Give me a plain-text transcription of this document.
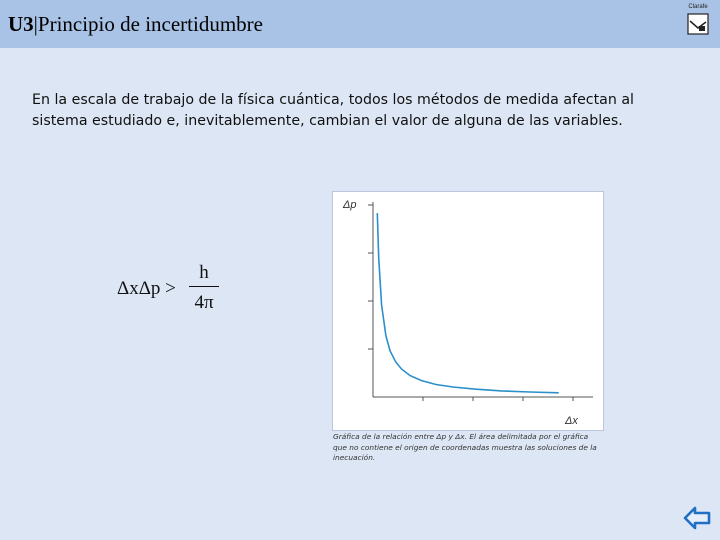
U3|Principio de incertidumbre
Clarafe
En la escala de trabajo de la física cuántica, todos los métodos de medida afectan al sistema estudiado e, inevitablemente, cambian el valor de alguna de las variables.
ΔxΔp >
h
4π
Δp
Δx
Gráfica de la relación entre Δp y Δx. El área delimitada por el gráfica que no contiene el origen de coordenadas muestra las soluciones de la inecuación.
